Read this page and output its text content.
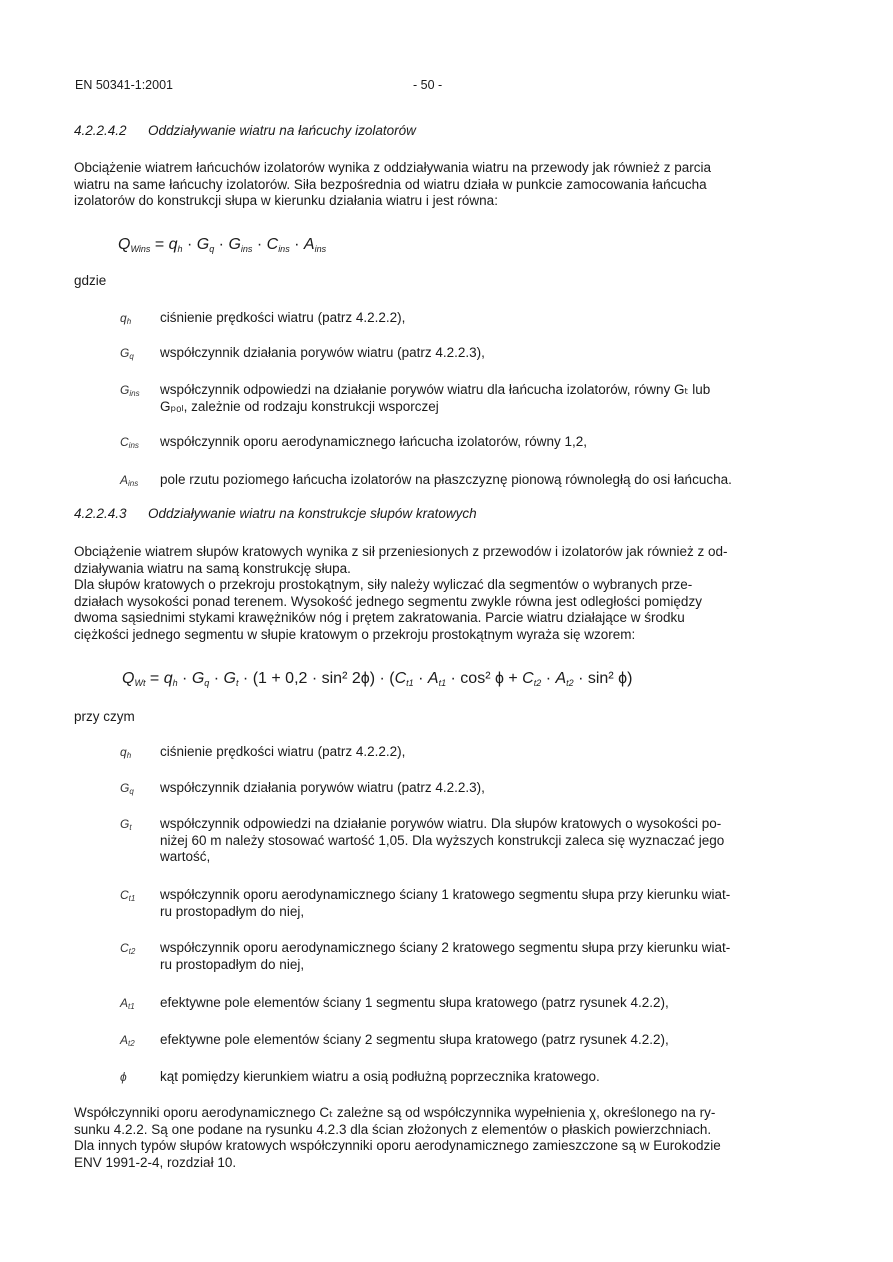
EN 50341-1:2001	- 50 -
4.2.2.4.2 Oddziaływanie wiatru na łańcuchy izolatorów
Obciążenie wiatrem łańcuchów izolatorów wynika z oddziaływania wiatru na przewody jak również z parcia
wiatru na same łańcuchy izolatorów. Siła bezpośrednia od wiatru działa w punkcie zamocowania łańcucha
izolatorów do konstrukcji słupa w kierunku działania wiatru i jest równa:
$Q_{Wins} = q_h \cdot G_q \cdot G_{ins} \cdot C_{ins} \cdot A_{ins}$
gdzie
$q_h$	ciśnienie prędkości wiatru (patrz 4.2.2.2),
$G_q$	współczynnik działania porywów wiatru (patrz 4.2.2.3),
$G_{ins}$	współczynnik odpowiedzi na działanie porywów wiatru dla łańcucha izolatorów, równy Gₜ lub
Gₚₒₗ, zależnie od rodzaju konstrukcji wsporczej
$C_{ins}$	współczynnik oporu aerodynamicznego łańcucha izolatorów, równy 1,2,
$A_{ins}$	pole rzutu poziomego łańcucha izolatorów na płaszczyznę pionową równoległą do osi łańcucha.
4.2.2.4.3 Oddziaływanie wiatru na konstrukcje słupów kratowych
Obciążenie wiatrem słupów kratowych wynika z sił przeniesionych z przewodów i izolatorów jak również z od-
działywania wiatru na samą konstrukcję słupa.
Dla słupów kratowych o przekroju prostokątnym, siły należy wyliczać dla segmentów o wybranych prze-
działach wysokości ponad terenem. Wysokość jednego segmentu zwykle równa jest odległości pomiędzy
dwoma sąsiednimi stykami krawężników nóg i prętem zakratowania. Parcie wiatru działające w środku
ciężkości jednego segmentu w słupie kratowym o przekroju prostokątnym wyraża się wzorem:
$Q_{Wt} = q_h \cdot G_q \cdot G_t \cdot (1 + 0,2 \cdot \sin^2$ $2\phi) \cdot (C_{t1} \cdot A_{t1} \cdot \cos^2$ $\phi + C_{t2} \cdot A_{t2} \cdot \sin^2$ ϕ)
przy czym
$q_h$	ciśnienie prędkości wiatru (patrz 4.2.2.2),
$G_q$	współczynnik działania porywów wiatru (patrz 4.2.2.3),
$G_t$	współczynnik odpowiedzi na działanie porywów wiatru. Dla słupów kratowych o wysokości po-
niżej 60 m należy stosować wartość 1,05. Dla wyższych konstrukcji zaleca się wyznaczać jego
wartość,
$C_{t1}$	współczynnik oporu aerodynamicznego ściany 1 kratowego segmentu słupa przy kierunku wiat-
ru prostopadłym do niej,
$C_{t2}$	współczynnik oporu aerodynamicznego ściany 2 kratowego segmentu słupa przy kierunku wiat-
ru prostopadłym do niej,
$A_{t1}$	efektywne pole elementów ściany 1 segmentu słupa kratowego (patrz rysunek 4.2.2),
$A_{t2}$	efektywne pole elementów ściany 2 segmentu słupa kratowego (patrz rysunek 4.2.2),
ϕ	kąt pomiędzy kierunkiem wiatru a osią podłużną poprzecznika kratowego.
Współczynniki oporu aerodynamicznego Cₜ zależne są od współczynnika wypełnienia χ, określonego na ry-
sunku 4.2.2. Są one podane na rysunku 4.2.3 dla ścian złożonych z elementów o płaskich powierzchniach.
Dla innych typów słupów kratowych współczynniki oporu aerodynamicznego zamieszczone są w Eurokodzie
ENV 1991-2-4, rozdział 10.
